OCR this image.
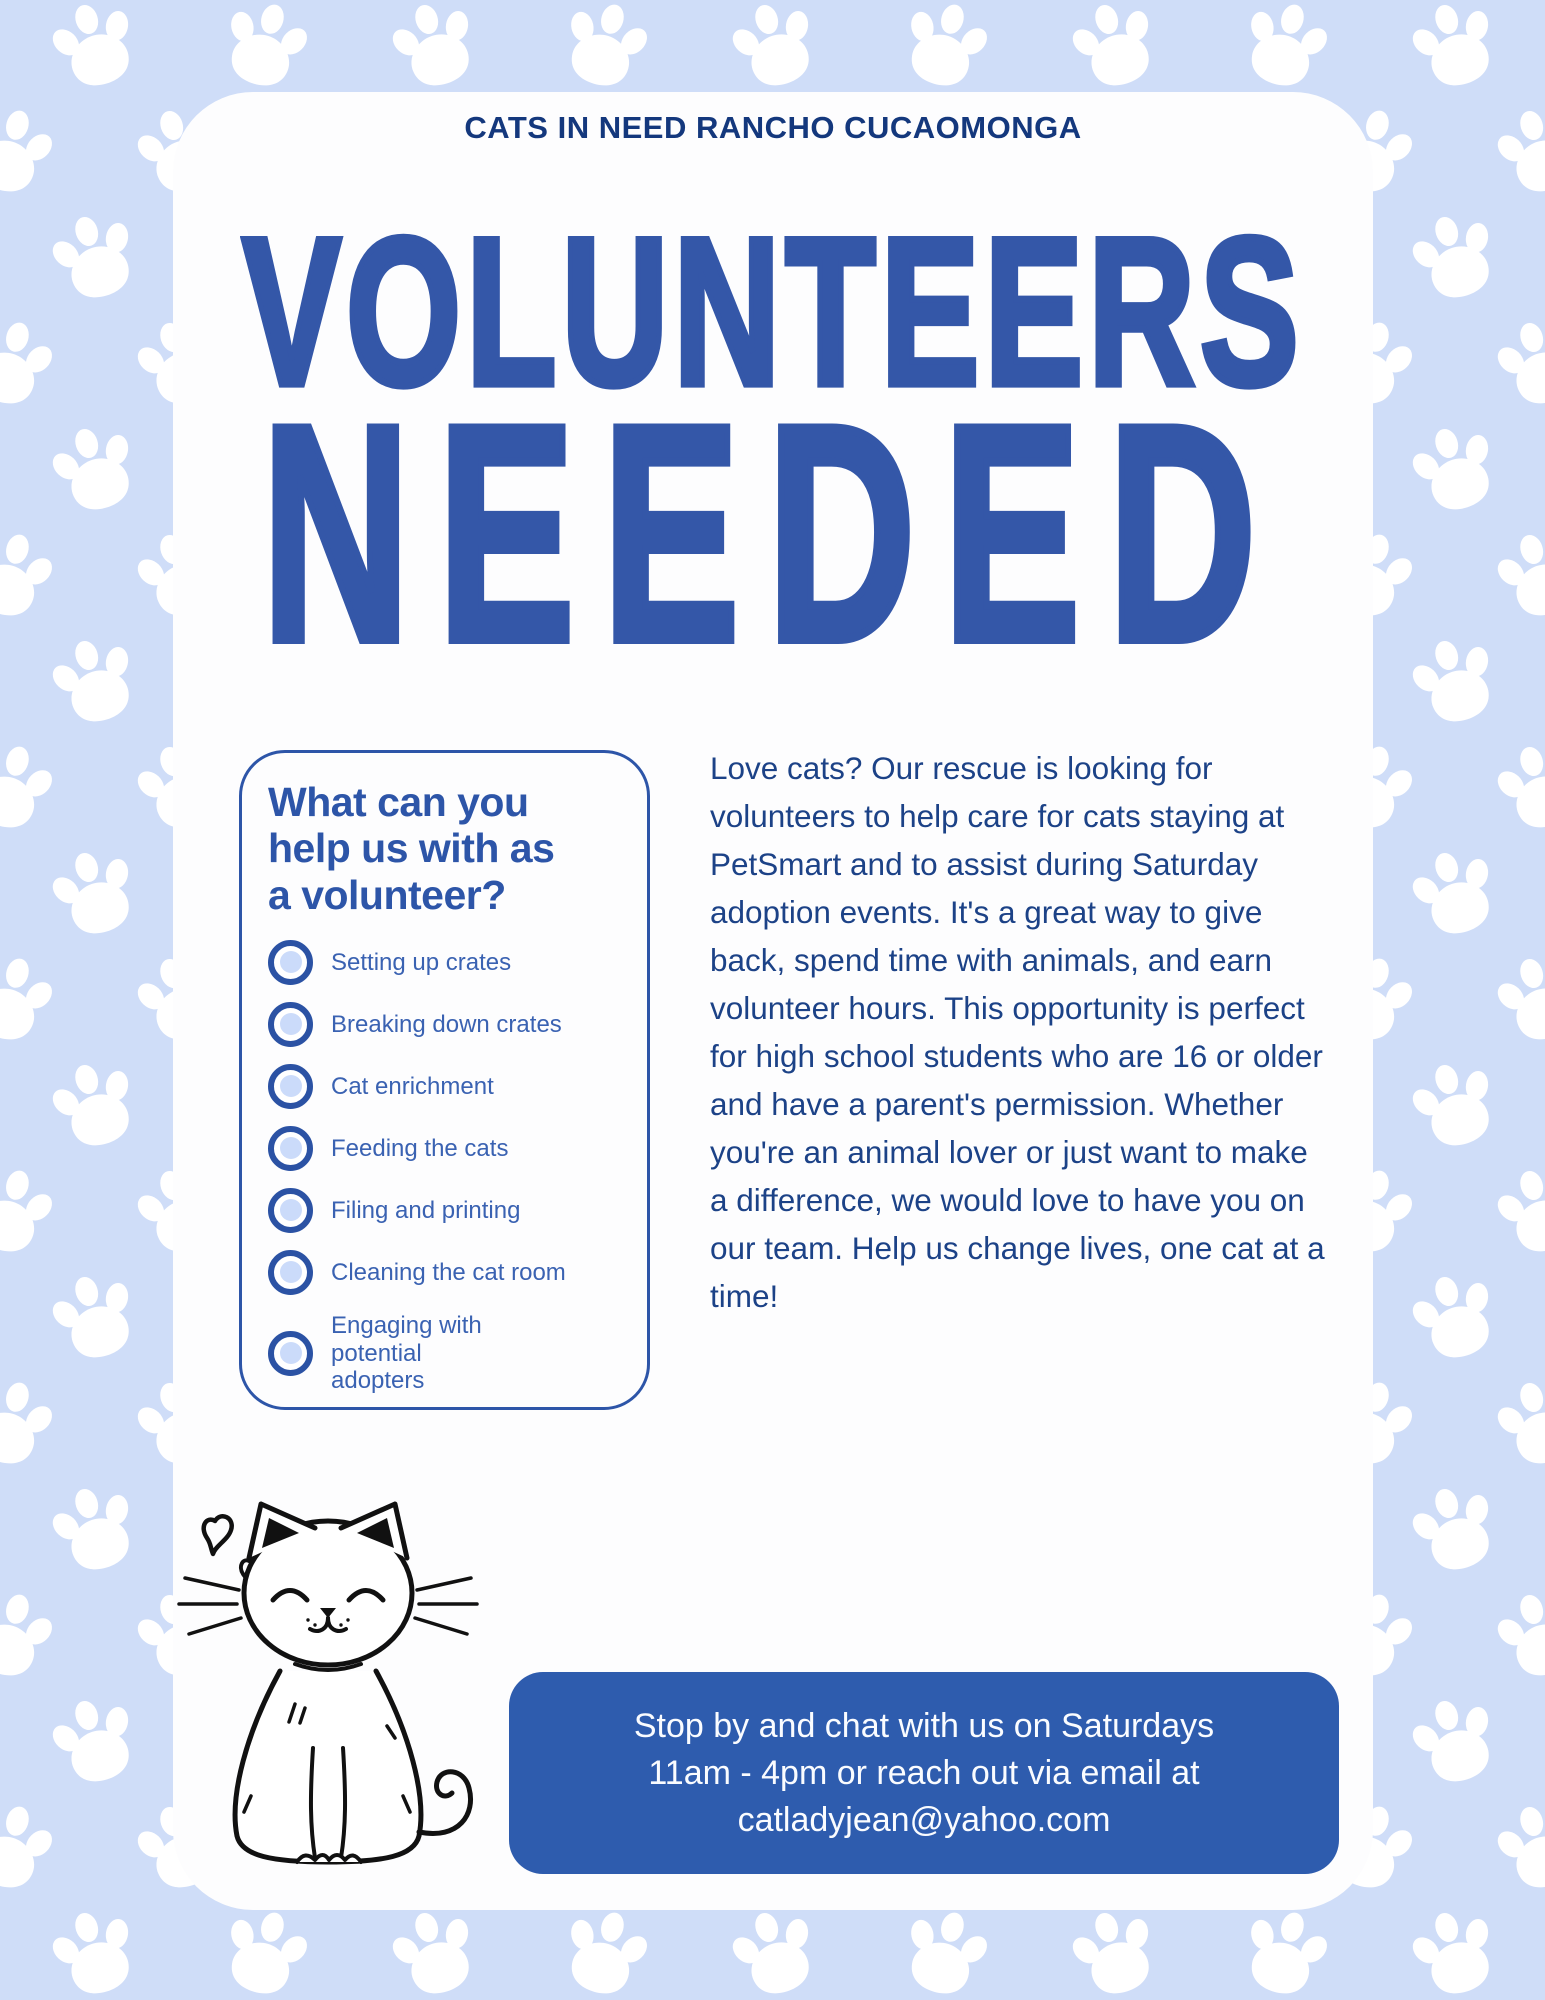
CATS IN NEED RANCHO CUCAOMONGA
VOLUNTEERS
NEEDED
What can you
help us with as
a volunteer?
Setting up crates
Breaking down crates
Cat enrichment
Feeding the cats
Filing and printing
Cleaning the cat room
Engaging with potential adopters

Love cats? Our rescue is looking for volunteers to help care for cats staying at PetSmart and to assist during Saturday adoption events. It's a great way to give back, spend time with animals, and earn volunteer hours. This opportunity is perfect for high school students who are 16 or older and have a parent's permission. Whether you're an animal lover or just want to make a difference, we would love to have you on our team. Help us change lives, one cat at a time!

Stop by and chat with us on Saturdays
11am - 4pm or reach out via email at
catladyjean@yahoo.com
